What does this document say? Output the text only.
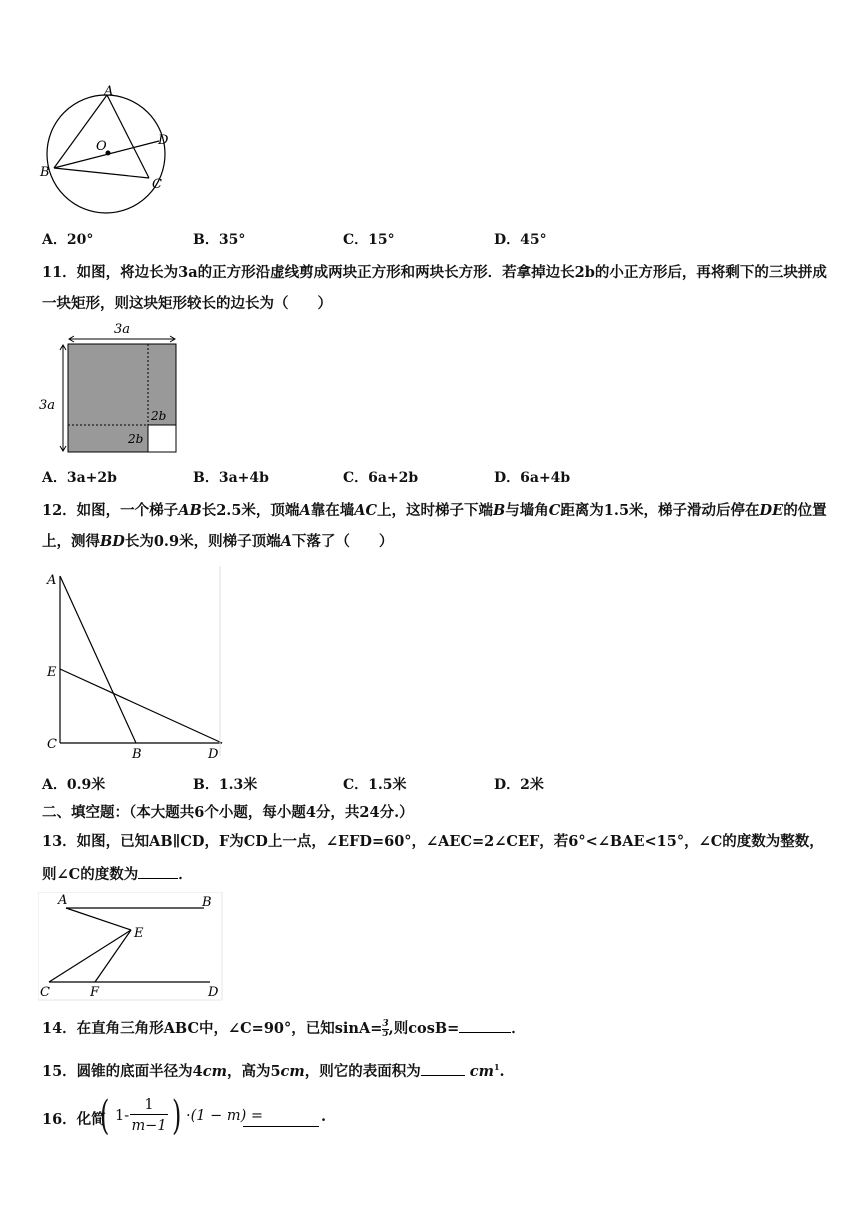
A
B
C
D
O
A．20°	B．35°	C．15°	D．45°
11．如图，将边长为3a的正方形沿虚线剪成两块正方形和两块长方形．若拿掉边长2b的小正方形后，再将剩下的三块拼成一块矩形，则这块矩形较长的边长为（　　）
3a
3a
2b
2b
A．3a+2b	B．3a+4b	C．6a+2b	D．6a+4b
12．如图，一个梯子AB长2.5米，顶端A靠在墙AC上，这时梯子下端B与墙角C距离为1.5米，梯子滑动后停在DE的位置上，测得BD长为0.9米，则梯子顶端A下落了（　　）
A
E
C
B	D
A．0.9米	B．1.3米	C．1.5米	D．2米
二、填空题：（本大题共6个小题，每小题4分，共24分.）
13．如图，已知AB∥CD，F为CD上一点，∠EFD=60°，∠AEC=2∠CEF，若6°<∠BAE<15°，∠C的度数为整数，则∠C的度数为	．
A	B
E
C	F	D
14．在直角三角形ABC中，∠C=90°，已知$\sin A= \frac{3}{5}$ ,则cosB=	．
15．圆锥的底面半径为4cm，高为5cm，则它的表面积为	$cm^1$.
16．化简
( 1-
1
m−1 ) ·(1 − m) =	.
